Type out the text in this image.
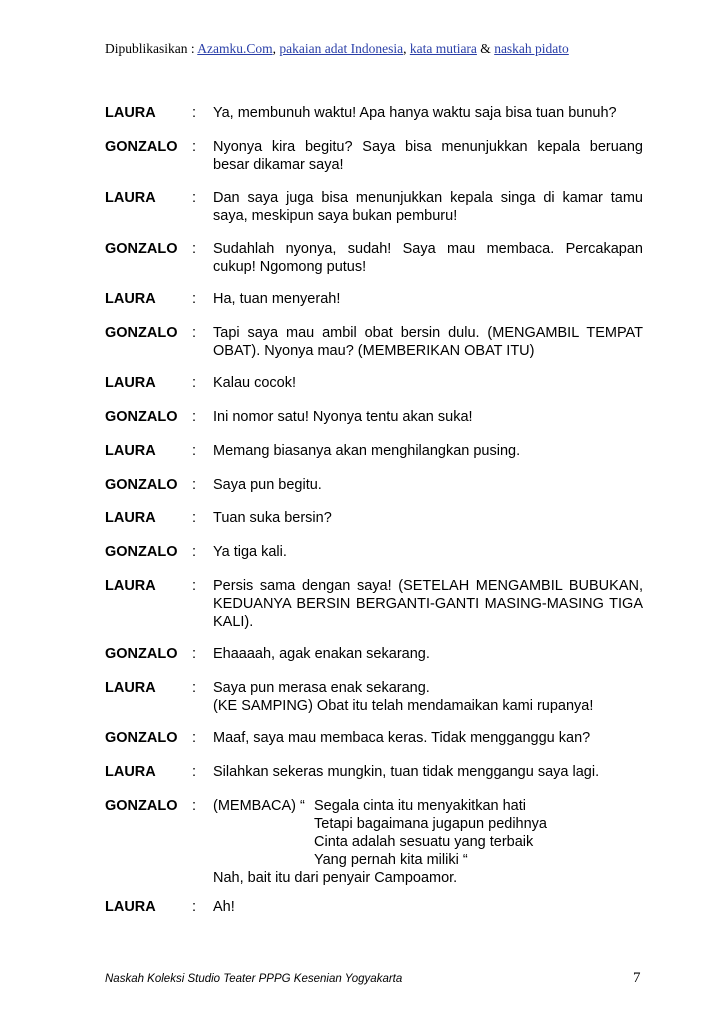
Dipublikasikan : Azamku.Com, pakaian adat Indonesia, kata mutiara & naskah pidato
LAURA	: Ya, membunuh waktu! Apa hanya waktu saja bisa tuan bunuh?
GONZALO : Nyonya kira begitu? Saya bisa menunjukkan kepala beruang besar dikamar saya!
LAURA	: Dan saya juga bisa menunjukkan kepala singa di kamar tamu saya, meskipun saya bukan pemburu!
GONZALO : Sudahlah nyonya, sudah! Saya mau membaca. Percakapan cukup! Ngomong putus!
LAURA	: Ha, tuan menyerah!
GONZALO : Tapi saya mau ambil obat bersin dulu. (MENGAMBIL TEMPAT OBAT). Nyonya mau? (MEMBERIKAN OBAT ITU)
LAURA	: Kalau cocok!
GONZALO : Ini nomor satu! Nyonya tentu akan suka!
LAURA	: Memang biasanya akan menghilangkan pusing.
GONZALO : Saya pun begitu.
LAURA	: Tuan suka bersin?
GONZALO : Ya tiga kali.
LAURA	: Persis sama dengan saya! (SETELAH MENGAMBIL BUBUKAN, KEDUANYA BERSIN BERGANTI-GANTI MASING-MASING TIGA KALI).
GONZALO : Ehaaaah, agak enakan sekarang.
LAURA	: Saya pun merasa enak sekarang.
(KE SAMPING) Obat itu telah mendamaikan kami rupanya!
GONZALO : Maaf, saya mau membaca keras. Tidak mengganggu kan?
LAURA	: Silahkan sekeras mungkin, tuan tidak menggangu saya lagi.
GONZALO : (MEMBACA) “ Segala cinta itu menyakitkan hati
Tetapi bagaimana jugapun pedihnya
Cinta adalah sesuatu yang terbaik
Yang pernah kita miliki “
Nah, bait itu dari penyair Campoamor.
LAURA	: Ah!
Naskah Koleksi Studio Teater PPPG Kesenian Yogyakarta	7
